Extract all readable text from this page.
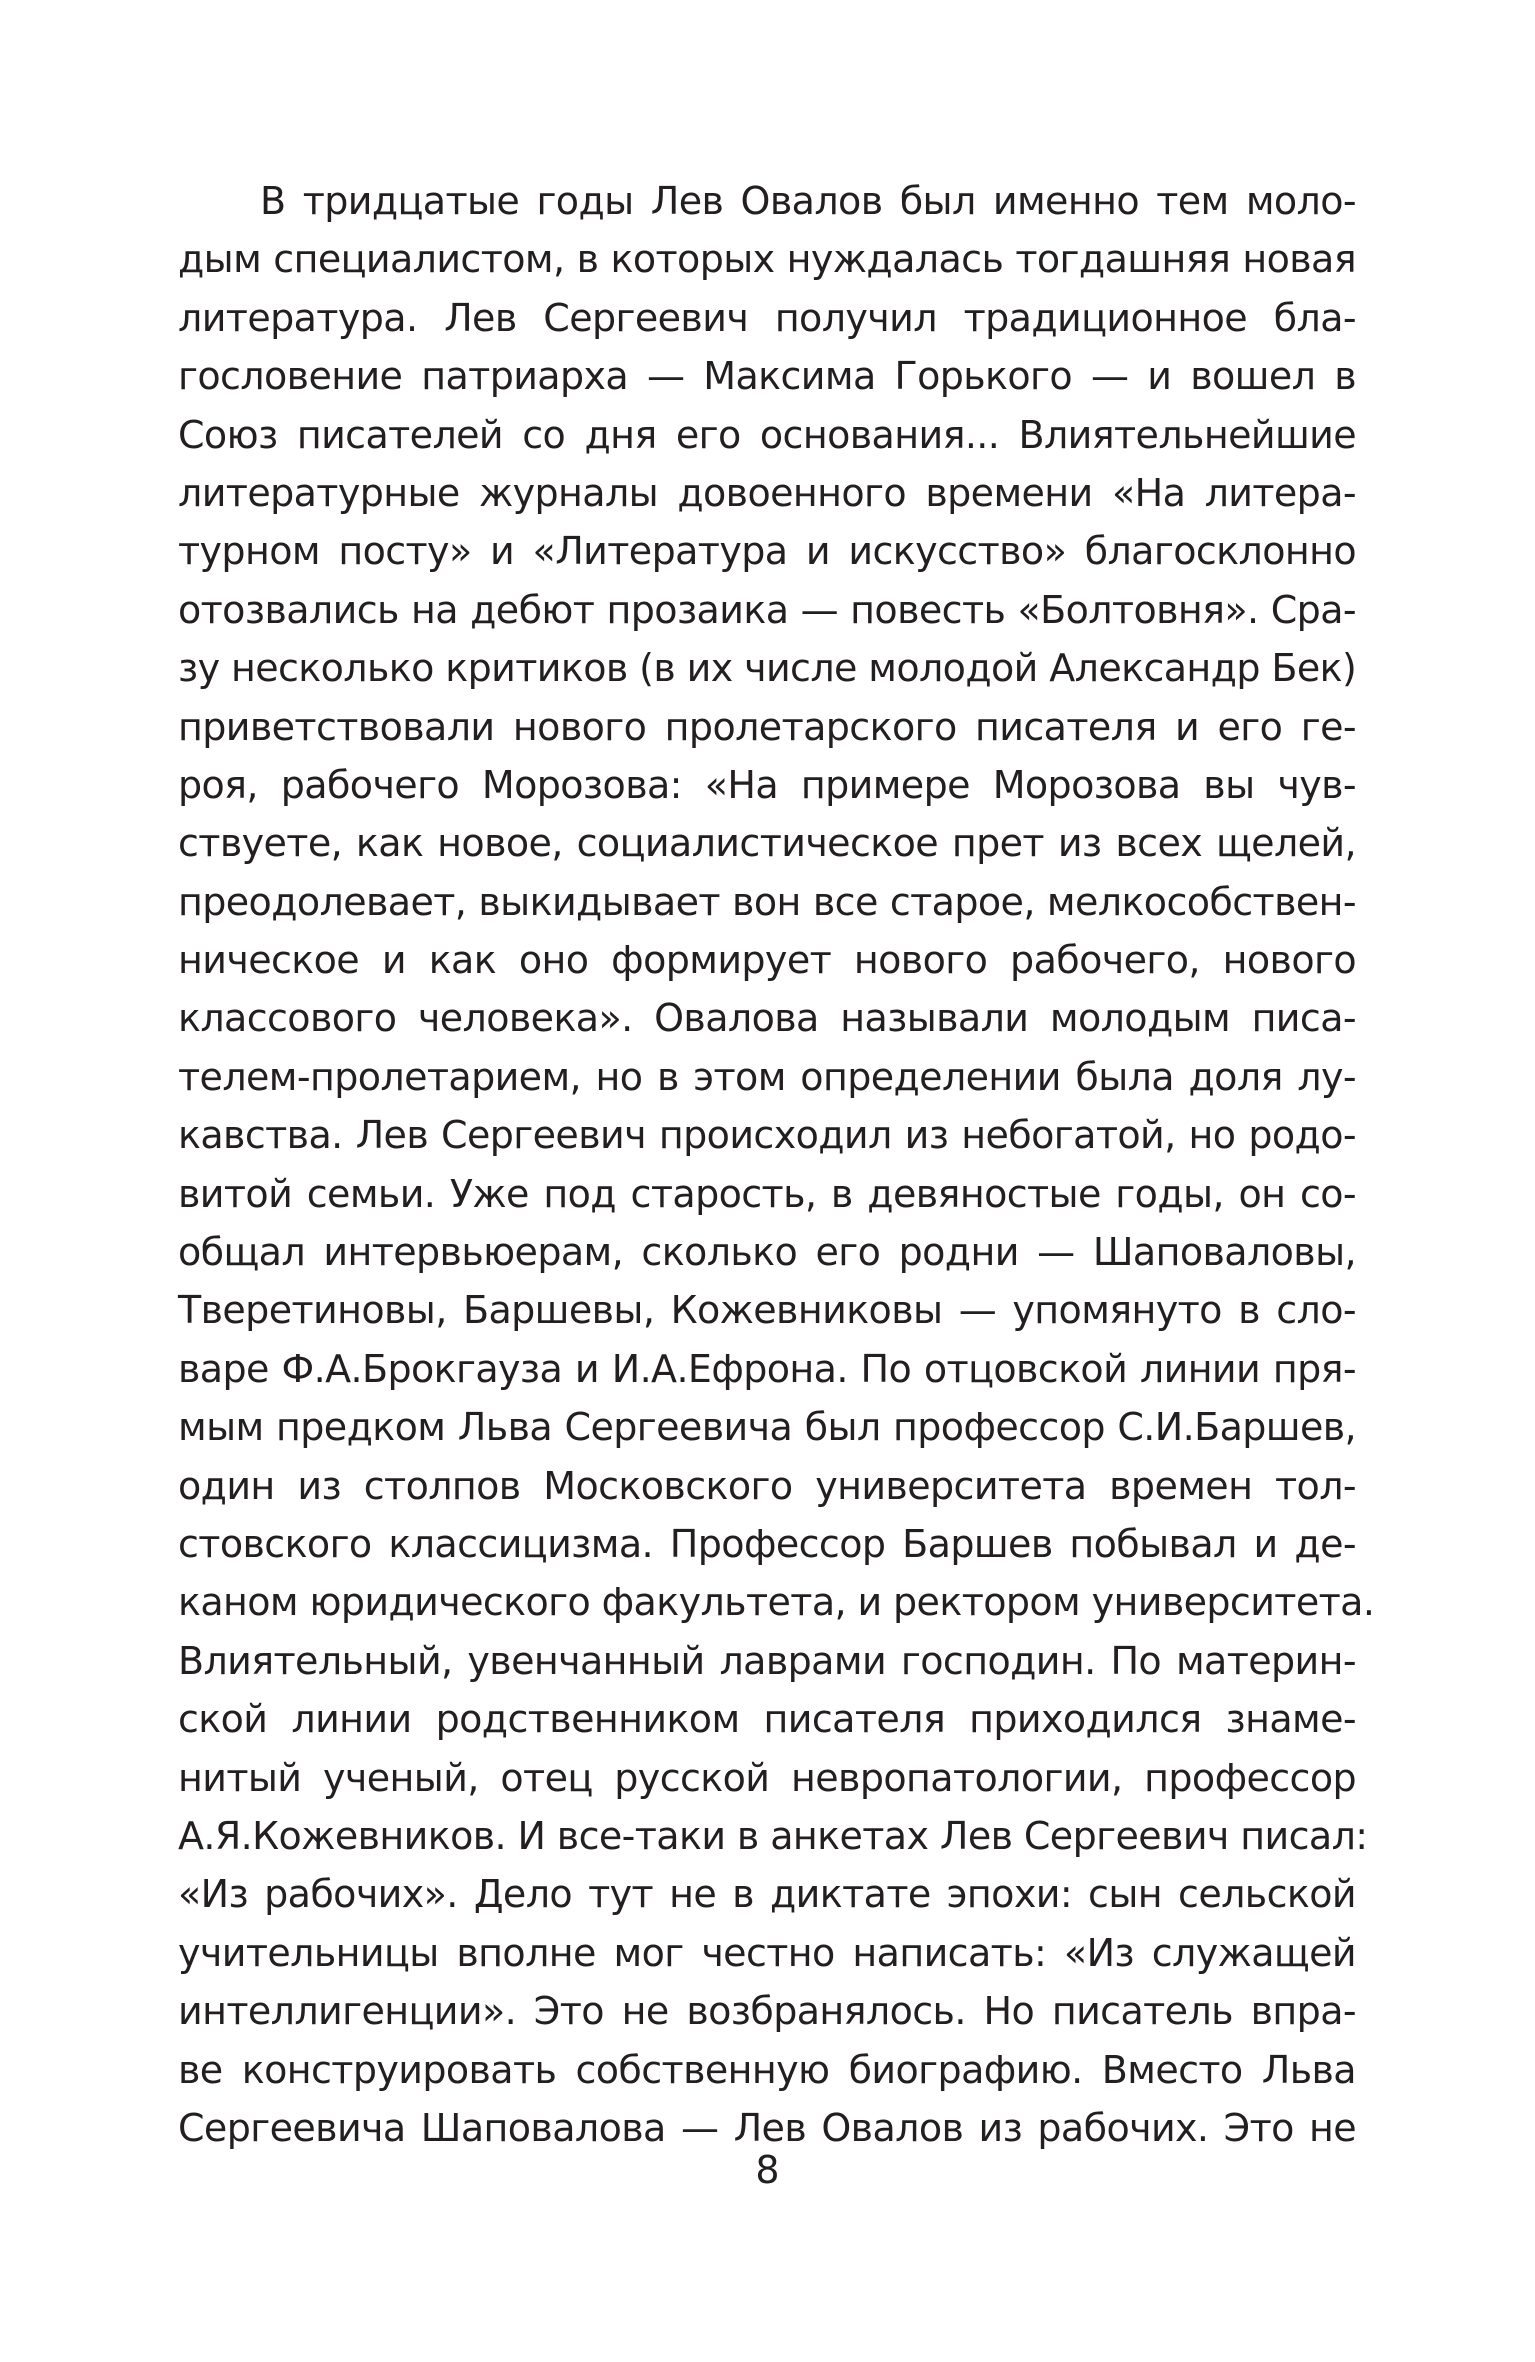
В тридцатые годы Лев Овалов был именно тем моло-
дым специалистом, в которых нуждалась тогдашняя новая
литература. Лев Сергеевич получил традиционное бла-
гословение патриарха — Максима Горького — и вошел в
Союз писателей со дня его основания... Влиятельнейшие
литературные журналы довоенного времени «На литера-
турном посту» и «Литература и искусство» благосклонно
отозвались на дебют прозаика — повесть «Болтовня». Сра-
зу несколько критиков (в их числе молодой Александр Бек)
приветствовали нового пролетарского писателя и его ге-
роя, рабочего Морозова: «На примере Морозова вы чув-
ствуете, как новое, социалистическое прет из всех щелей,
преодолевает, выкидывает вон все старое, мелкособствен-
ническое и как оно формирует нового рабочего, нового
классового человека». Овалова называли молодым писа-
телем-пролетарием, но в этом определении была доля лу-
кавства. Лев Сергеевич происходил из небогатой, но родо-
витой семьи. Уже под старость, в девяностые годы, он со-
общал интервьюерам, сколько его родни — Шаповаловы,
Тверетиновы, Баршевы, Кожевниковы — упомянуто в сло-
варе Ф.А.Брокгауза и И.А.Ефрона. По отцовской линии пря-
мым предком Льва Сергеевича был профессор С.И.Баршев,
один из столпов Московского университета времен тол-
стовского классицизма. Профессор Баршев побывал и де-
каном юридического факультета, и ректором университета.
Влиятельный, увенчанный лаврами господин. По материн-
ской линии родственником писателя приходился знаме-
нитый ученый, отец русской невропатологии, профессор
А.Я.Кожевников. И все-таки в анкетах Лев Сергеевич писал:
«Из рабочих». Дело тут не в диктате эпохи: сын сельской
учительницы вполне мог честно написать: «Из служащей
интеллигенции». Это не возбранялось. Но писатель впра-
ве конструировать собственную биографию. Вместо Льва
Сергеевича Шаповалова — Лев Овалов из рабочих. Это не
8
